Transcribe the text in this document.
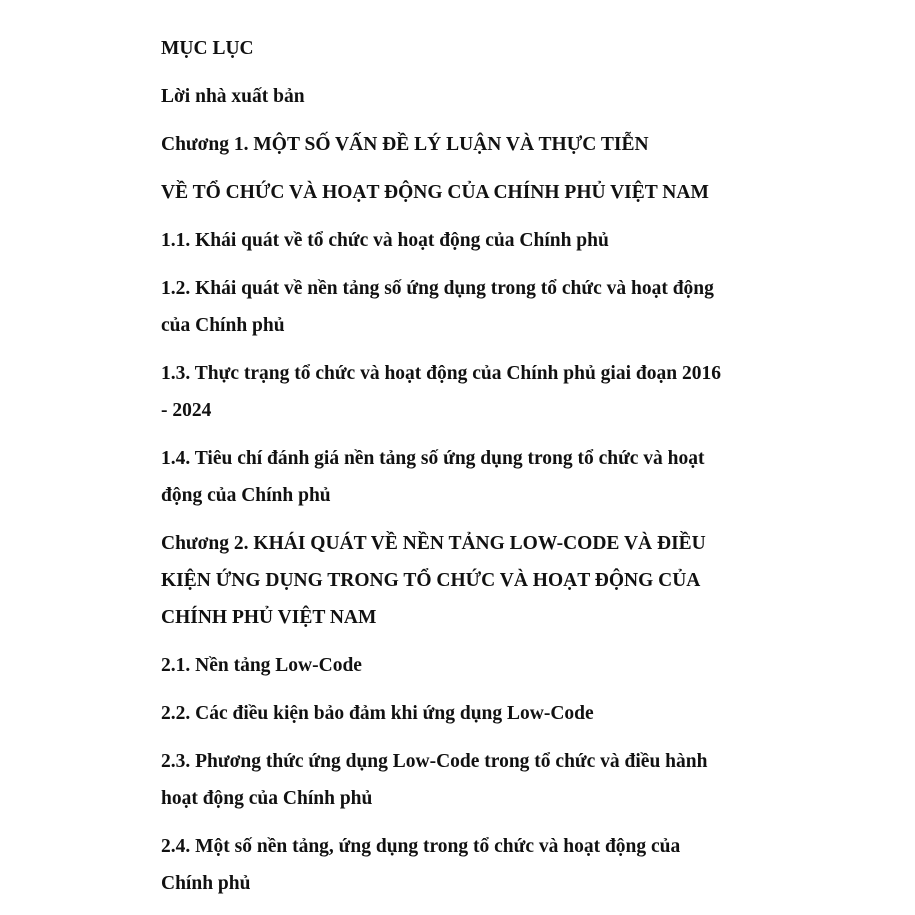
MỤC LỤC

Lời nhà xuất bản

Chương 1. MỘT SỐ VẤN ĐỀ LÝ LUẬN VÀ THỰC TIỄN

VỀ TỔ CHỨC VÀ HOẠT ĐỘNG CỦA CHÍNH PHỦ VIỆT NAM

1.1. Khái quát về tổ chức và hoạt động của Chính phủ

1.2. Khái quát về nền tảng số ứng dụng trong tổ chức và hoạt động

của Chính phủ

1.3. Thực trạng tổ chức và hoạt động của Chính phủ giai đoạn 2016

- 2024

1.4. Tiêu chí đánh giá nền tảng số ứng dụng trong tổ chức và hoạt

động của Chính phủ

Chương 2. KHÁI QUÁT VỀ NỀN TẢNG LOW-CODE VÀ ĐIỀU

KIỆN ỨNG DỤNG TRONG TỔ CHỨC VÀ HOẠT ĐỘNG CỦA

CHÍNH PHỦ VIỆT NAM

2.1. Nền tảng Low-Code

2.2. Các điều kiện bảo đảm khi ứng dụng Low-Code

2.3. Phương thức ứng dụng Low-Code trong tổ chức và điều hành

hoạt động của Chính phủ

2.4. Một số nền tảng, ứng dụng trong tổ chức và hoạt động của

Chính phủ
